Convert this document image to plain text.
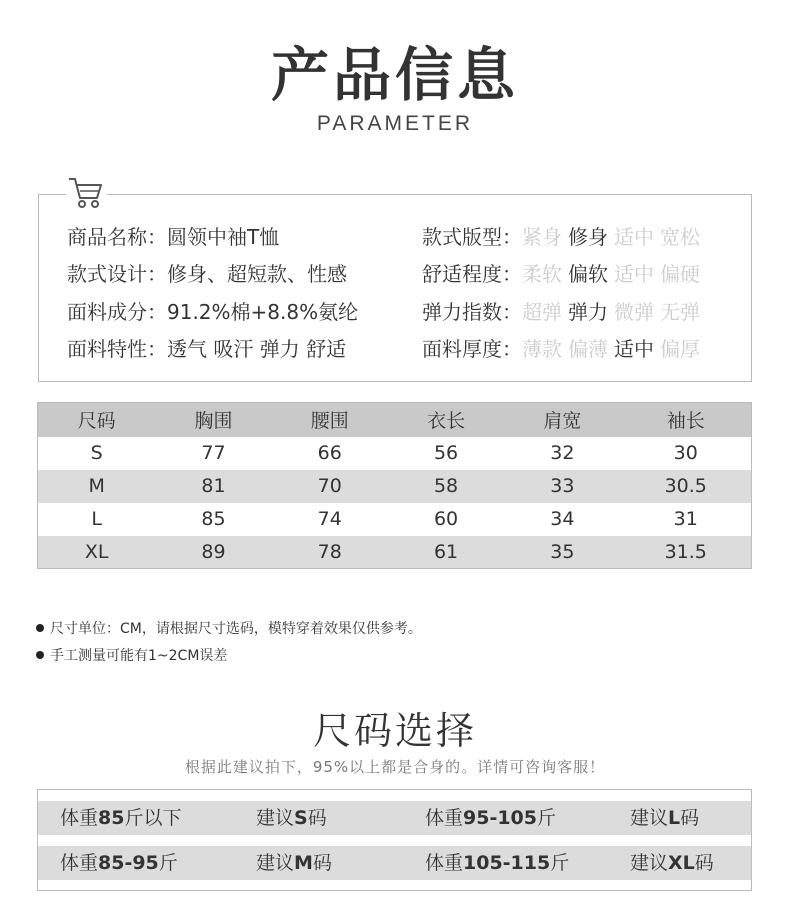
产品信息
PARAMETER
商品名称：圆领中袖T恤
款式设计：修身、超短款、性感
面料成分：91.2%棉+8.8%氨纶
面料特性：透气 吸汗 弹力 舒适
款式版型：紧身 修身 适中 宽松
舒适程度：柔软 偏软 适中 偏硬
弹力指数：超弹 弹力 微弹 无弹
面料厚度：薄款 偏薄 适中 偏厚
尺码	胸围	腰围	衣长	肩宽	袖长
S	77	66	56	32	30
M	81	70	58	33	30.5
L	85	74	60	34	31
XL	89	78	61	35	31.5
尺寸单位：CM，请根据尺寸选码，模特穿着效果仅供参考。
手工测量可能有1~2CM误差
尺码选择
根据此建议拍下，95%以上都是合身的。详情可咨询客服！
体重85斤以下	建议S码	体重95-105斤	建议L码
体重85-95斤	建议M码	体重105-115斤	建议XL码
